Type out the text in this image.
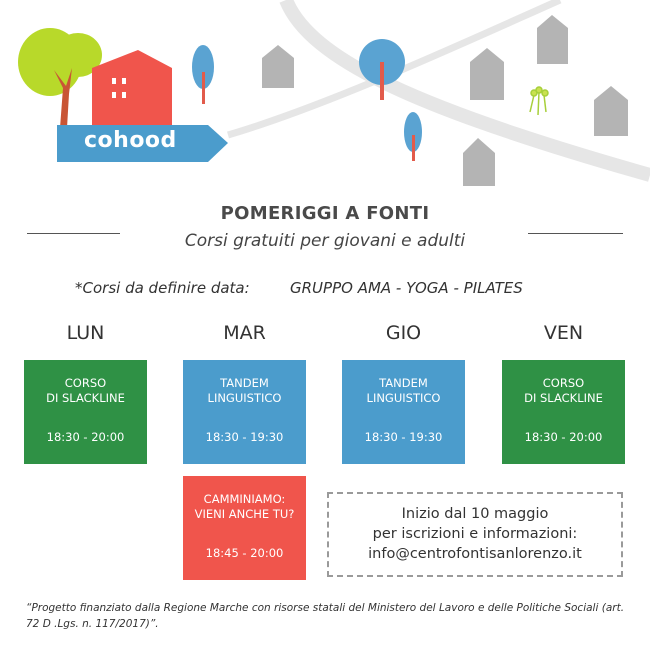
cohood
POMERIGGI A FONTI
Corsi gratuiti per giovani e adulti
*Corsi da definire data:	GRUPPO AMA - YOGA - PILATES
LUN	MAR	GIO	VEN
CORSO
DI SLACKLINE
18:30 - 20:00
TANDEM
LINGUISTICO
18:30 - 19:30
TANDEM
LINGUISTICO
18:30 - 19:30
CORSO
DI SLACKLINE
18:30 - 20:00
CAMMINIAMO:
VIENI ANCHE TU?
18:45 - 20:00
Inizio dal 10 maggio
per iscrizioni e informazioni:
info@centrofontisanlorenzo.it
“Progetto finanziato dalla Regione Marche con risorse statali del Ministero del Lavoro e delle Politiche Sociali (art. 72 D .Lgs. n. 117/2017)”.
